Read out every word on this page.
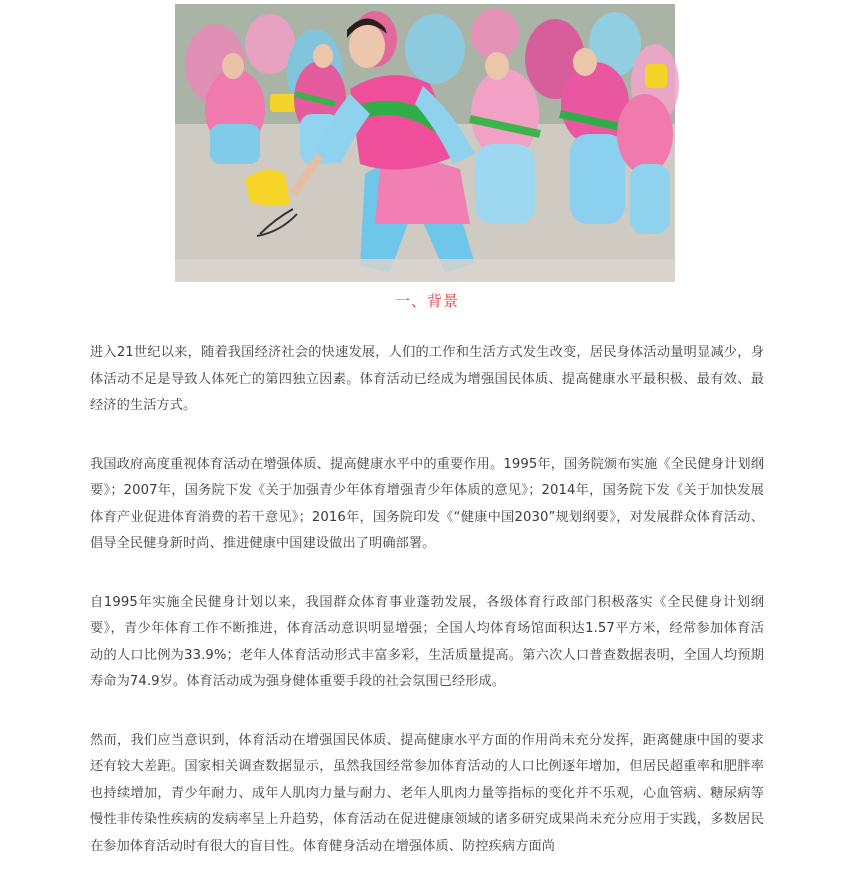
一、背景

进入21世纪以来，随着我国经济社会的快速发展，人们的工作和生活方式发生改变，居民身体活动量明显减少，身体活动不足是导致人体死亡的第四独立因素。体育活动已经成为增强国民体质、提高健康水平最积极、最有效、最经济的生活方式。

我国政府高度重视体育活动在增强体质、提高健康水平中的重要作用。1995年，国务院颁布实施《全民健身计划纲要》；2007年，国务院下发《关于加强青少年体育增强青少年体质的意见》；2014年，国务院下发《关于加快发展体育产业促进体育消费的若干意见》；2016年，国务院印发《“健康中国2030”规划纲要》，对发展群众体育活动、倡导全民健身新时尚、推进健康中国建设做出了明确部署。

自1995年实施全民健身计划以来，我国群众体育事业蓬勃发展，各级体育行政部门积极落实《全民健身计划纲要》，青少年体育工作不断推进，体育活动意识明显增强；全国人均体育场馆面积达1.57平方米，经常参加体育活动的人口比例为33.9%；老年人体育活动形式丰富多彩，生活质量提高。第六次人口普查数据表明，全国人均预期寿命为74.9岁。体育活动成为强身健体重要手段的社会氛围已经形成。

然而，我们应当意识到，体育活动在增强国民体质、提高健康水平方面的作用尚未充分发挥，距离健康中国的要求还有较大差距。国家相关调查数据显示，虽然我国经常参加体育活动的人口比例逐年增加，但居民超重率和肥胖率也持续增加，青少年耐力、成年人肌肉力量与耐力、老年人肌肉力量等指标的变化并不乐观，心血管病、糖尿病等慢性非传染性疾病的发病率呈上升趋势，体育活动在促进健康领域的诸多研究成果尚未充分应用于实践，多数居民在参加体育活动时有很大的盲目性。体育健身活动在增强体质、防控疾病方面尚
